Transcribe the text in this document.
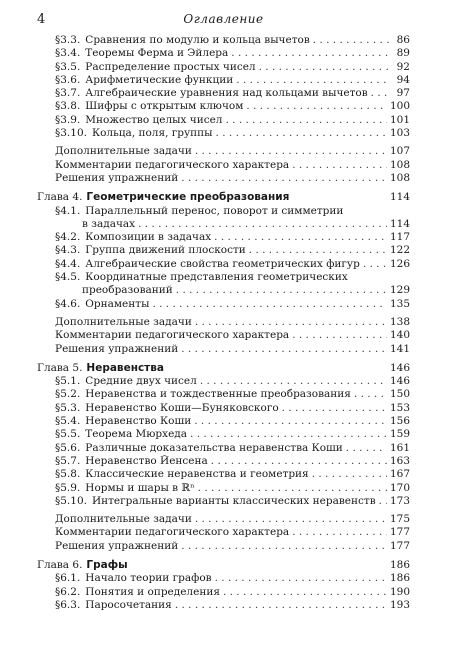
4	Оглавление
§3.3. Сравнения по модулю и кольца вычетов . . .	86
§3.4. Теоремы Ферма и Эйлера . . .	89
§3.5. Распределение простых чисел . . .	92
§3.6. Арифметические функции . . .	94
§3.7. Алгебраические уравнения над кольцами вычетов . . .	97
§3.8. Шифры с открытым ключом . . .	100
§3.9. Множество целых чисел . . .	101
§3.10. Кольца, поля, группы . . .	103
Дополнительные задачи . . .	107
Комментарии педагогического характера . . .	108
Решения упражнений . . .	108
Глава 4. Геометрические преобразования	114
§4.1. Параллельный перенос, поворот и симметрии
в задачах . . .	114
§4.2. Композиции в задачах . . .	117
§4.3. Группа движений плоскости . . .	122
§4.4. Алгебраические свойства геометрических фигур . . .	126
§4.5. Координатные представления геометрических
преобразований . . .	129
§4.6. Орнаменты . . .	135
Дополнительные задачи . . .	138
Комментарии педагогического характера . . .	140
Решения упражнений . . .	141
Глава 5. Неравенства	146
§5.1. Средние двух чисел . . .	146
§5.2. Неравенства и тождественные преобразования . . .	150
§5.3. Неравенство Коши—Буняковского . . .	153
§5.4. Неравенство Коши . . .	156
§5.5. Теорема Мюрхеда . . .	159
§5.6. Различные доказательства неравенства Коши . . .	161
§5.7. Неравенство Йенсена . . .	163
§5.8. Классические неравенства и геометрия . . .	167
§5.9. Нормы и шары в ℝⁿ . . .	170
§5.10. Интегральные варианты классических неравенств . . . 173
Дополнительные задачи . . .	175
Комментарии педагогического характера . . .	177
Решения упражнений . . .	177
Глава 6. Графы	186
§6.1. Начало теории графов . . .	186
§6.2. Понятия и определения . . .	190
§6.3. Паросочетания . . .	193
